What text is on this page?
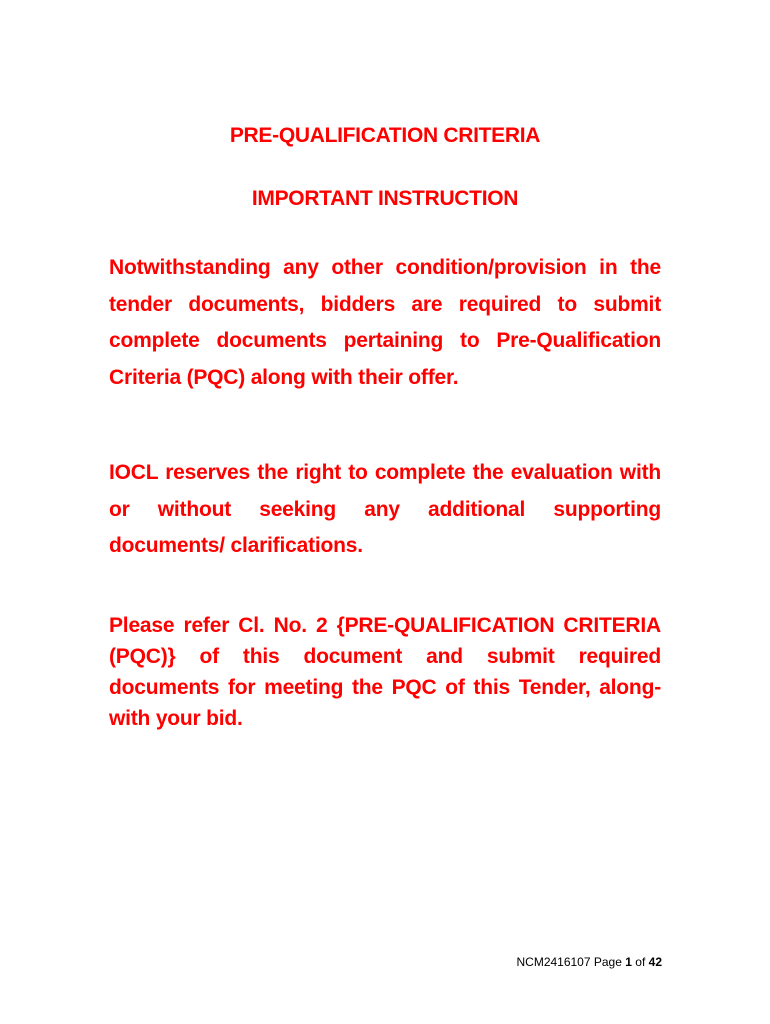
PRE-QUALIFICATION CRITERIA
IMPORTANT INSTRUCTION
Notwithstanding any other condition/provision in the tender documents, bidders are required to submit complete documents pertaining to Pre-Qualification Criteria (PQC) along with their offer.
IOCL reserves the right to complete the evaluation with or without seeking any additional supporting documents/ clarifications.
Please refer Cl. No. 2 {PRE-QUALIFICATION CRITERIA (PQC)} of this document and submit required documents for meeting the PQC of this Tender, along-with your bid.
NCM2416107 Page 1 of 42
